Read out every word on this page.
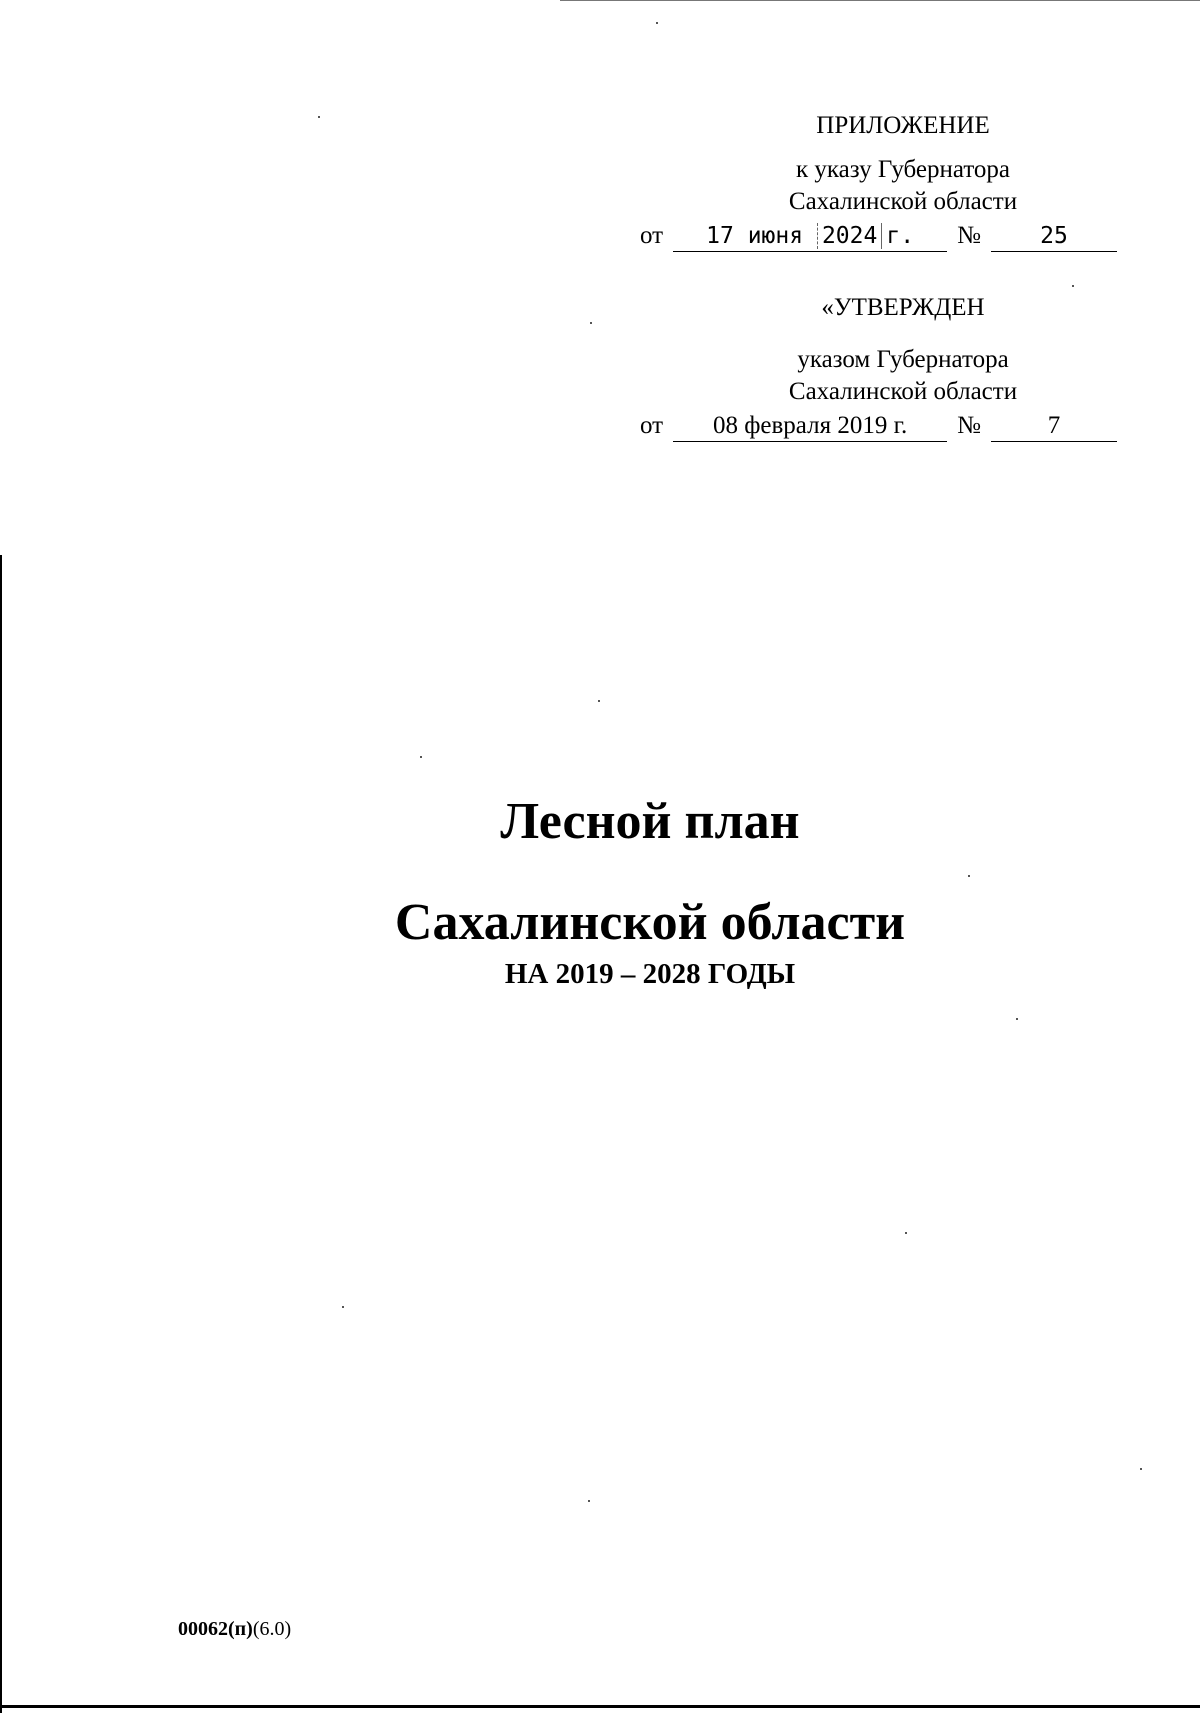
ПРИЛОЖЕНИЕ
к указу Губернатора
Сахалинской области
от	17 июня 2024 г.	№	25
«УТВЕРЖДЕН
указом Губернатора
Сахалинской области
от	08 февраля 2019 г.	№	7
Лесной план
Сахалинской области
НА 2019 – 2028 ГОДЫ
00062(п)(6.0)
